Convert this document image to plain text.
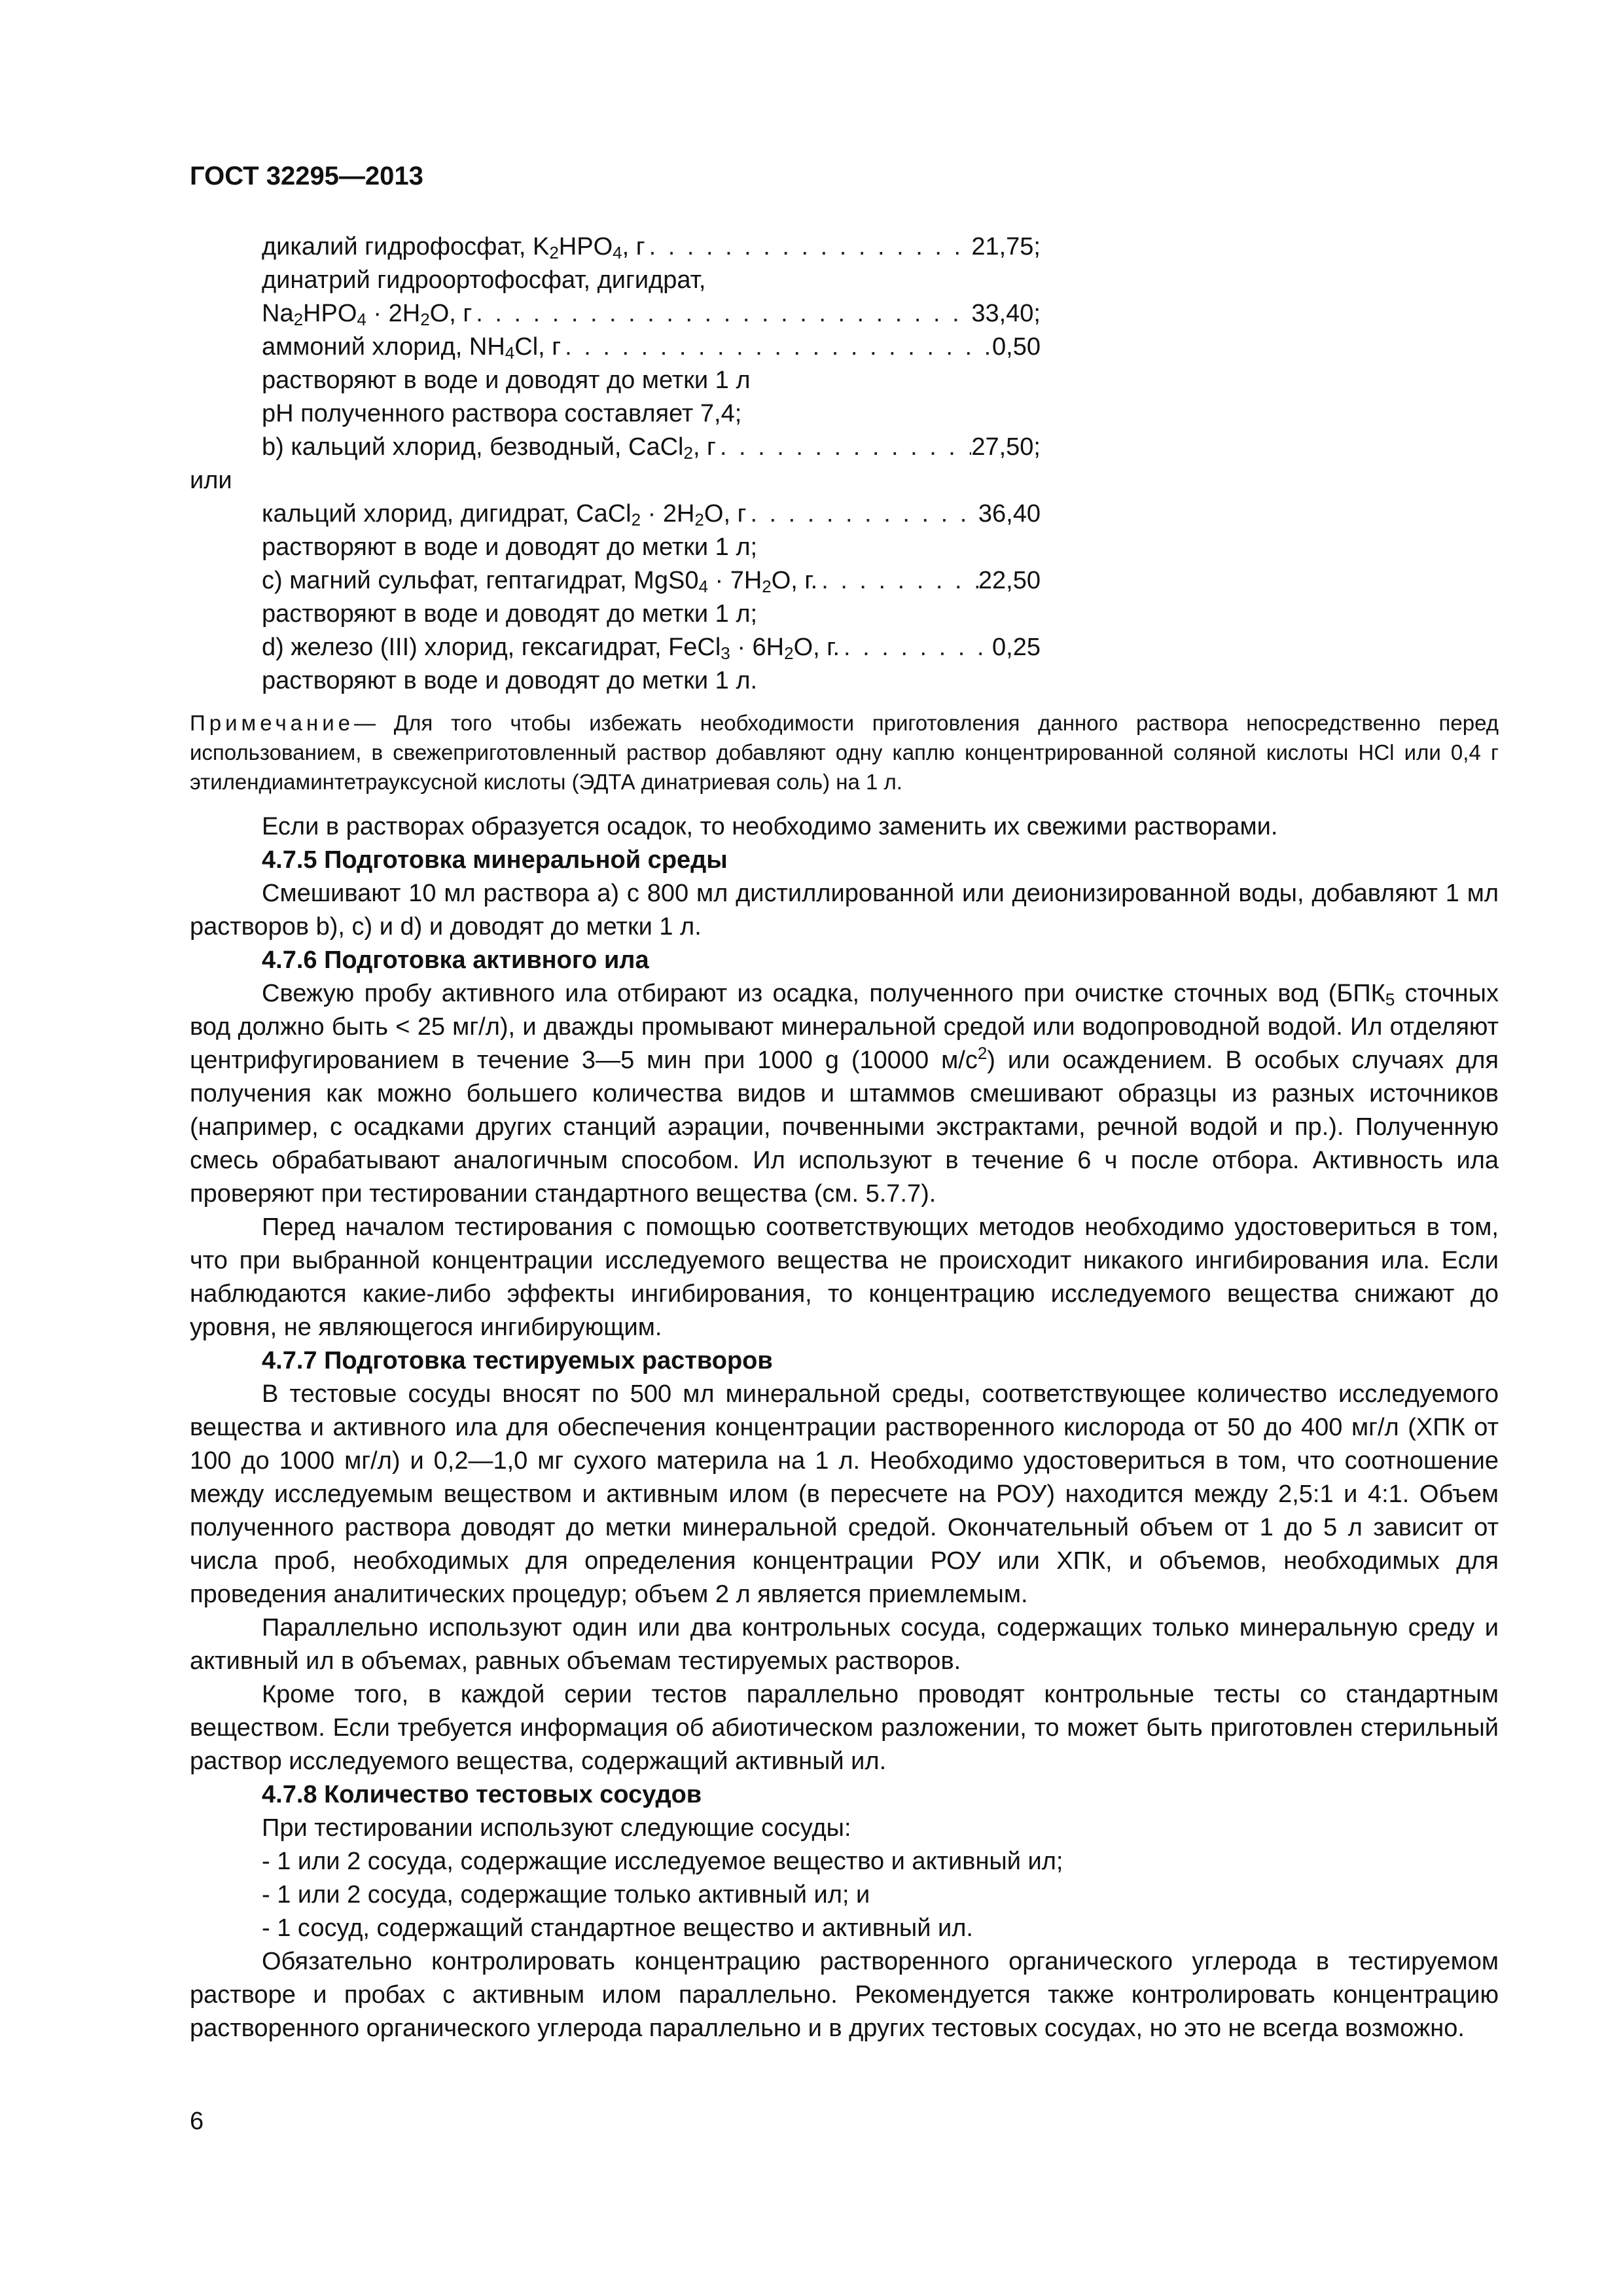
ГОСТ 32295—2013
дикалий гидрофосфат, $K_2HPO_4$, г . . .	21,75;
динатрий гидроортофосфат, дигидрат,
$Na_2HPO_4 \cdot 2H_2O$, г . . .	33,40;
аммоний хлорид, $NH_4Cl$, г . . .	0,50
растворяют в воде и доводят до метки 1 л
pH полученного раствора составляет 7,4;
b) кальций хлорид, безводный, CaCl$_2$, г . . .	27,50;
или
кальций хлорид, дигидрат, CaCl$_2$ · $2H_2O$, г . . .	36,40
растворяют в воде и доводят до метки 1 л;
c) магний сульфат, гептагидрат, $MgS0_4 \cdot 7H_2O$, г. . . .	22,50
растворяют в воде и доводят до метки 1 л;
d) железо (III) хлорид, гексагидрат, FeCl$_3$ · $6H_2O$, г. . . .	0,25
растворяют в воде и доводят до метки 1 л.
Примечание— Для того чтобы избежать необходимости приготовления данного раствора непосредственно перед использованием, в свежеприготовленный раствор добавляют одну каплю концентрированной соляной кислоты HCl или 0,4 г этилендиаминтетрауксусной кислоты (ЭДТА динатриевая соль) на 1 л.
Если в растворах образуется осадок, то необходимо заменить их свежими растворами.
4.7.5 Подготовка минеральной среды
Смешивают 10 мл раствора а) с 800 мл дистиллированной или деионизированной воды, добавляют 1 мл растворов b), c) и d) и доводят до метки 1 л.
4.7.6 Подготовка активного ила
Свежую пробу активного ила отбирают из осадка, полученного при очистке сточных вод ($БПК_5$ сточных вод должно быть < 25 мг/л), и дважды промывают минеральной средой или водопроводной водой. Ил отделяют центрифугированием в течение 3—5 мин при 1000 g (10000 $м/с^2$) или осаждением. В особых случаях для получения как можно большего количества видов и штаммов смешивают образцы из разных источников (например, с осадками других станций аэрации, почвенными экстрактами, речной водой и пр.). Полученную смесь обрабатывают аналогичным способом. Ил используют в течение 6 ч после отбора. Активность ила проверяют при тестировании стандартного вещества (см. 5.7.7).
Перед началом тестирования с помощью соответствующих методов необходимо удостовериться в том, что при выбранной концентрации исследуемого вещества не происходит никакого ингибирования ила. Если наблюдаются какие-либо эффекты ингибирования, то концентрацию исследуемого вещества снижают до уровня, не являющегося ингибирующим.
4.7.7 Подготовка тестируемых растворов
В тестовые сосуды вносят по 500 мл минеральной среды, соответствующее количество исследуемого вещества и активного ила для обеспечения концентрации растворенного кислорода от 50 до 400 мг/л (ХПК от 100 до 1000 мг/л) и 0,2—1,0 мг сухого материла на 1 л. Необходимо удостовериться в том, что соотношение между исследуемым веществом и активным илом (в пересчете на РОУ) находится между 2,5:1 и 4:1. Объем полученного раствора доводят до метки минеральной средой. Окончательный объем от 1 до 5 л зависит от числа проб, необходимых для определения концентрации РОУ или ХПК, и объемов, необходимых для проведения аналитических процедур; объем 2 л является приемлемым.
Параллельно используют один или два контрольных сосуда, содержащих только минеральную среду и активный ил в объемах, равных объемам тестируемых растворов.
Кроме того, в каждой серии тестов параллельно проводят контрольные тесты со стандартным веществом. Если требуется информация об абиотическом разложении, то может быть приготовлен стерильный раствор исследуемого вещества, содержащий активный ил.
4.7.8 Количество тестовых сосудов
При тестировании используют следующие сосуды:
- 1 или 2 сосуда, содержащие исследуемое вещество и активный ил;
- 1 или 2 сосуда, содержащие только активный ил; и
- 1 сосуд, содержащий стандартное вещество и активный ил.
Обязательно контролировать концентрацию растворенного органического углерода в тестируемом растворе и пробах с активным илом параллельно. Рекомендуется также контролировать концентрацию растворенного органического углерода параллельно и в других тестовых сосудах, но это не всегда возможно.
6
